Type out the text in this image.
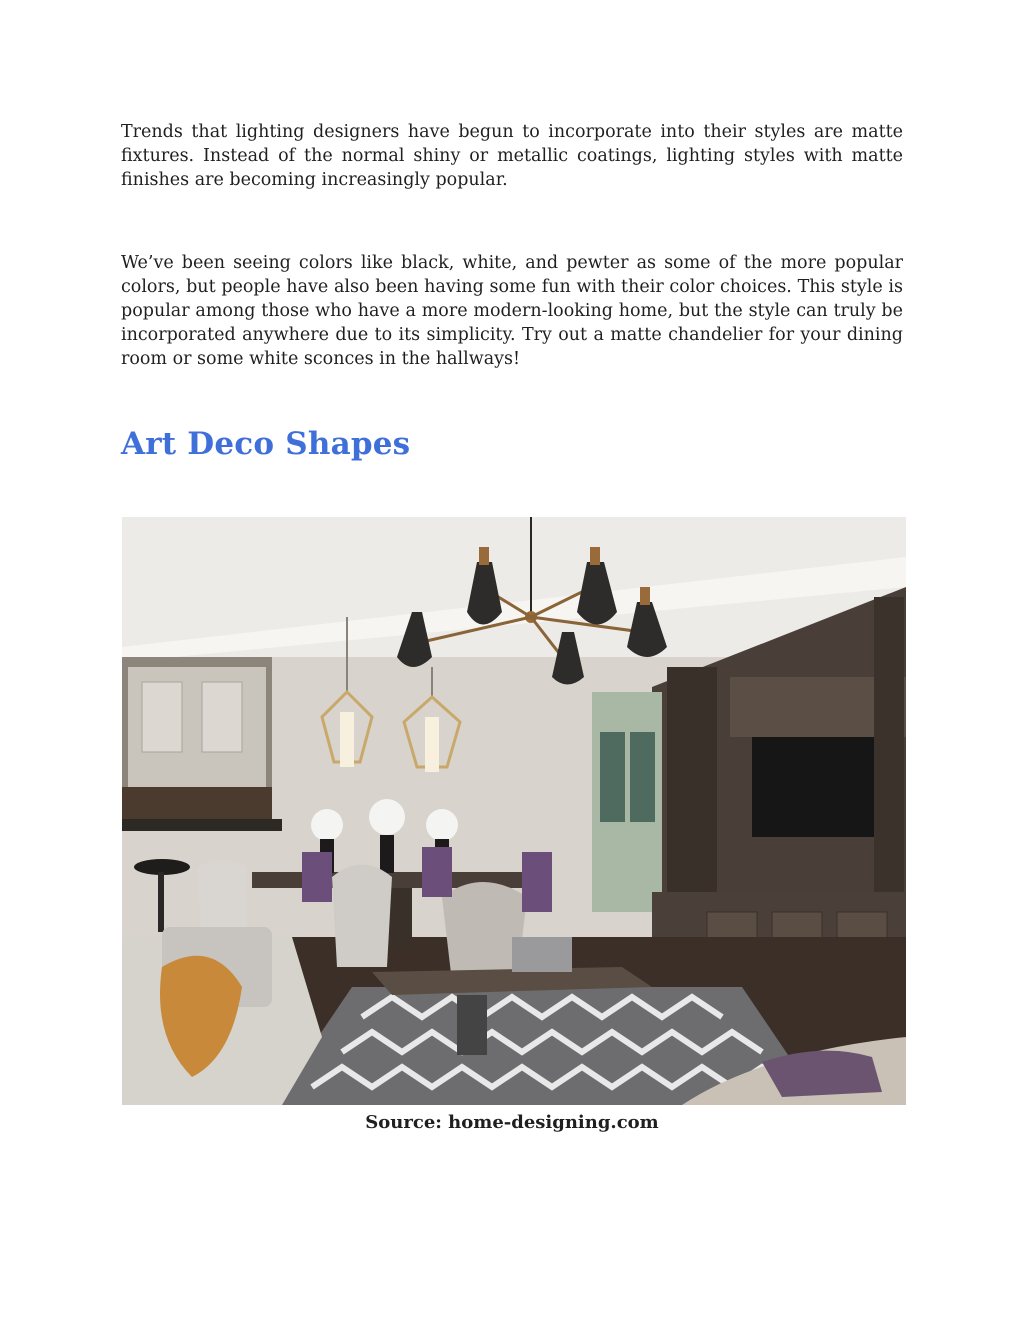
Trends that lighting designers have begun to incorporate into their styles are matte fixtures. Instead of the normal shiny or metallic coatings, lighting styles with matte finishes are becoming increasingly popular.

We’ve been seeing colors like black, white, and pewter as some of the more popular colors, but people have also been having some fun with their color choices. This style is popular among those who have a more modern-looking home, but the style can truly be incorporated anywhere due to its simplicity. Try out a matte chandelier for your dining room or some white sconces in the hallways!

Art Deco Shapes

Source: home-designing.com
